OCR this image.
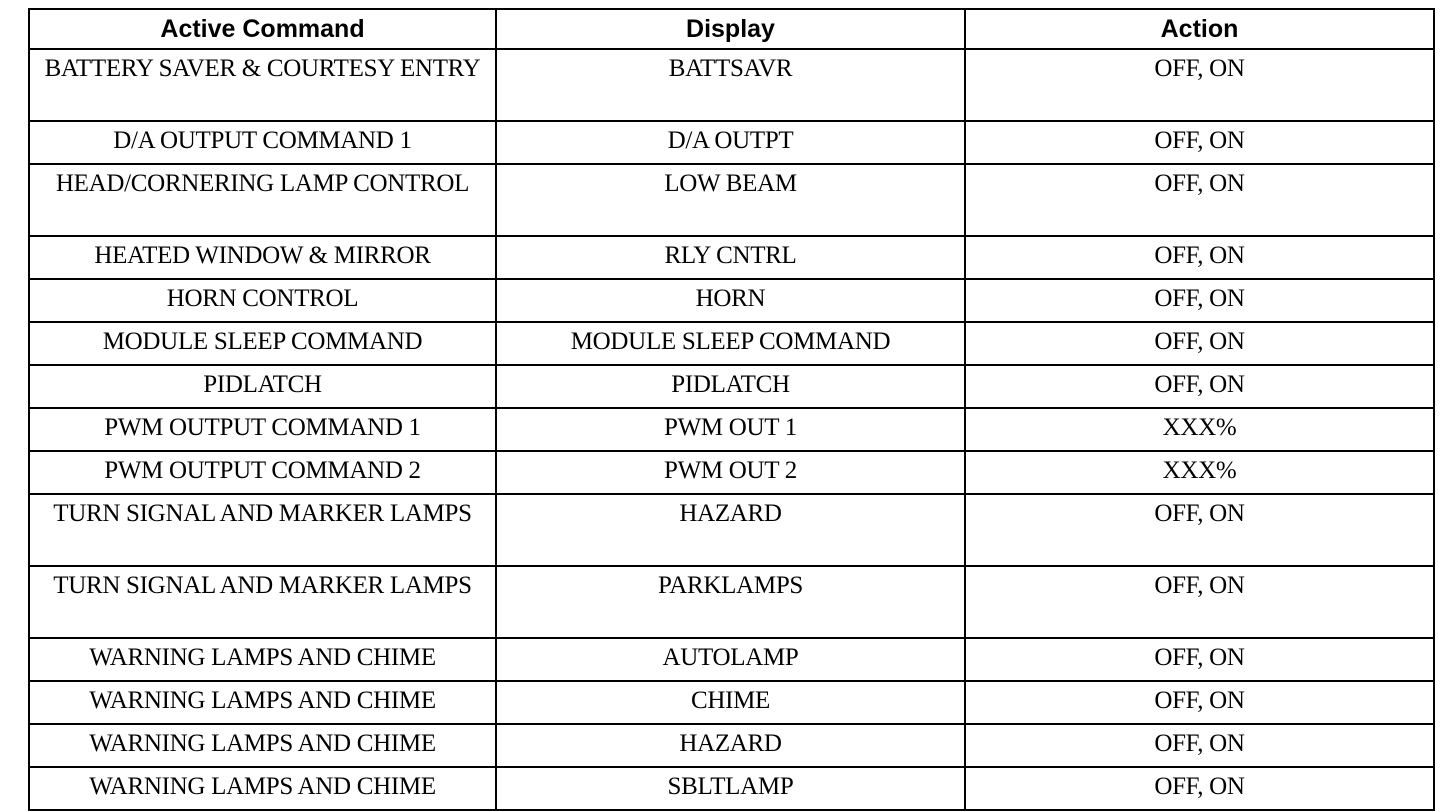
Active Command	Display	Action
BATTERY SAVER & COURTESY ENTRY	BATTSAVR	OFF, ON
D/A OUTPUT COMMAND 1	D/A OUTPT	OFF, ON
HEAD/CORNERING LAMP CONTROL	LOW BEAM	OFF, ON
HEATED WINDOW & MIRROR	RLY CNTRL	OFF, ON
HORN CONTROL	HORN	OFF, ON
MODULE SLEEP COMMAND	MODULE SLEEP COMMAND	OFF, ON
PIDLATCH	PIDLATCH	OFF, ON
PWM OUTPUT COMMAND 1	PWM OUT 1	XXX%
PWM OUTPUT COMMAND 2	PWM OUT 2	XXX%
TURN SIGNAL AND MARKER LAMPS	HAZARD	OFF, ON
TURN SIGNAL AND MARKER LAMPS	PARKLAMPS	OFF, ON
WARNING LAMPS AND CHIME	AUTOLAMP	OFF, ON
WARNING LAMPS AND CHIME	CHIME	OFF, ON
WARNING LAMPS AND CHIME	HAZARD	OFF, ON
WARNING LAMPS AND CHIME	SBLTLAMP	OFF, ON
